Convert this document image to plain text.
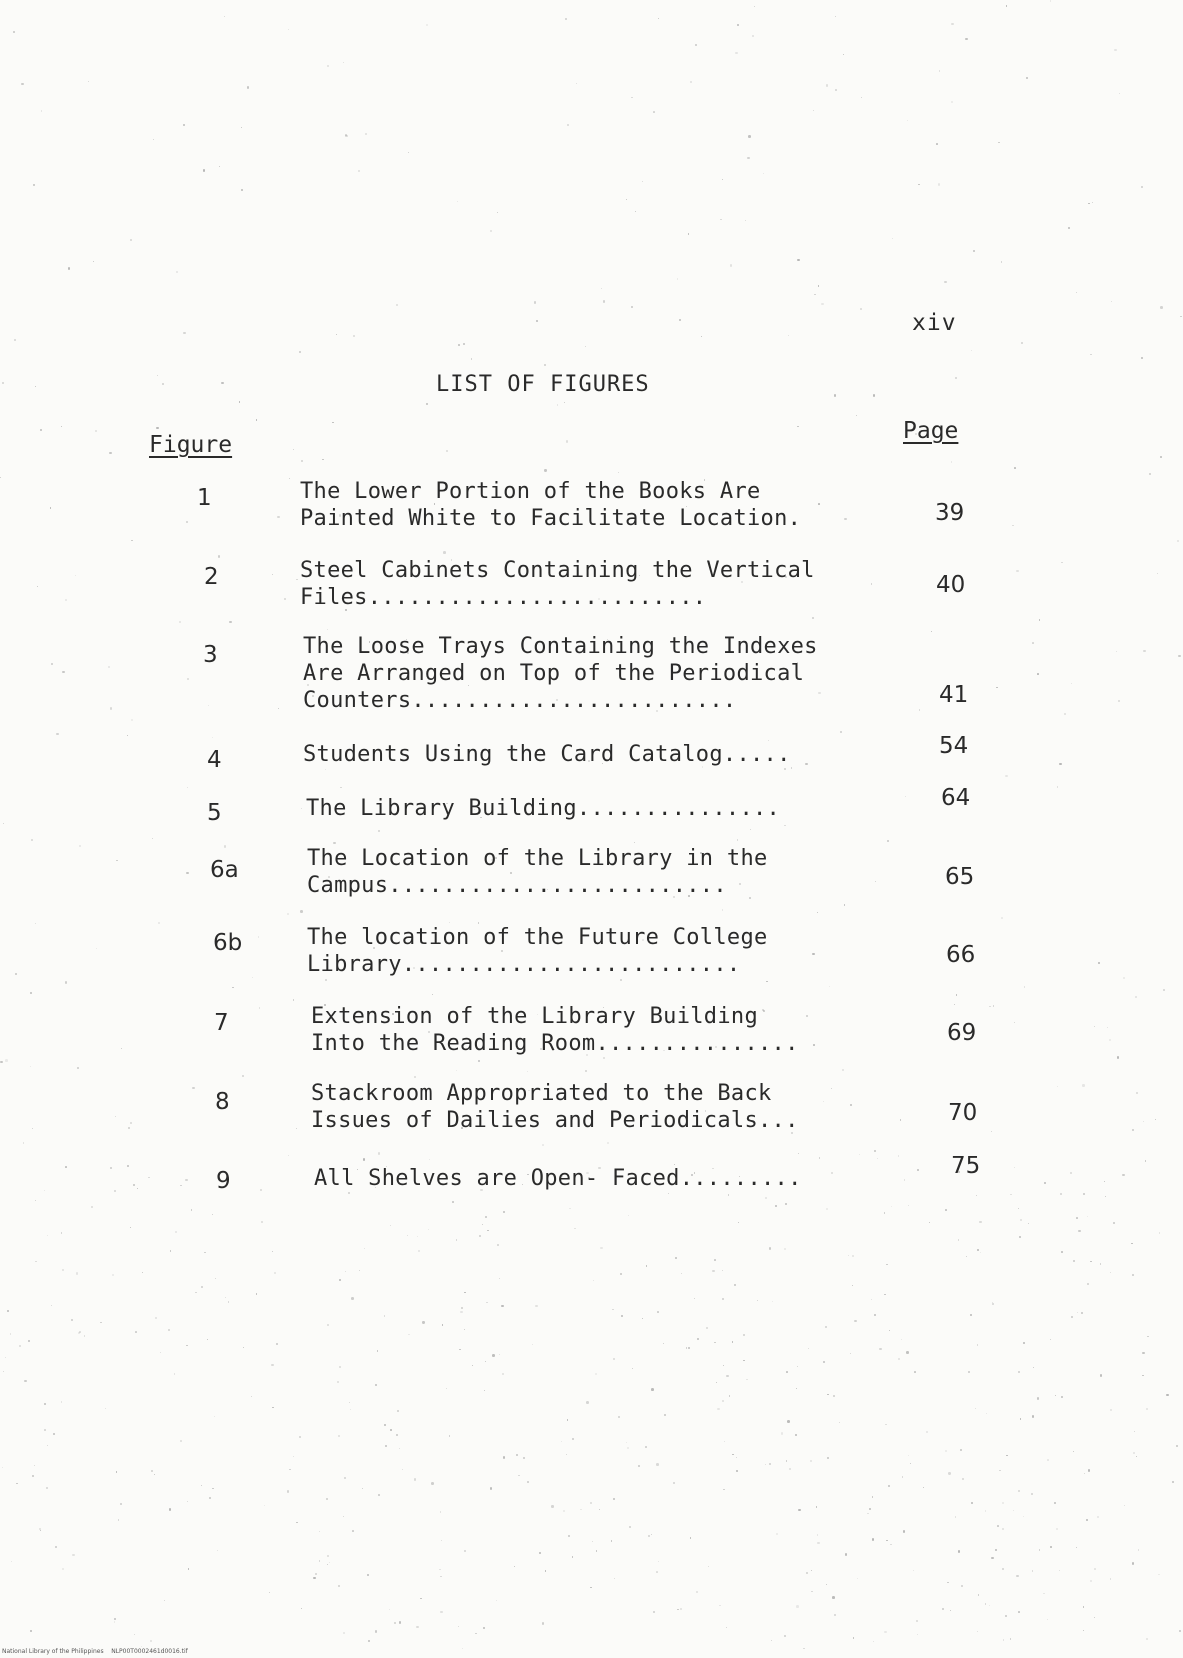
xiv
LIST OF FIGURES
Figure
Page
1	The Lower Portion of the Books Are
Painted White to Facilitate Location.	39
2	Steel Cabinets Containing the Vertical
Files.........................	40
3	The Loose Trays Containing the Indexes
Are Arranged on Top of the Periodical
Counters........................	41
4	Students Using the Card Catalog.....	54
5	The Library Building...............	64
6a	The Location of the Library in the
Campus.........................	65
6b	The location of the Future College
Library.........................	66
7	Extension of the Library Building
Into the Reading Room...............	69
8	Stackroom Appropriated to the Back
Issues of Dailies and Periodicals...	70
9	All Shelves are Open- Faced.........	75
National Library of the Philippines    NLP00T0002461d0016.tif
